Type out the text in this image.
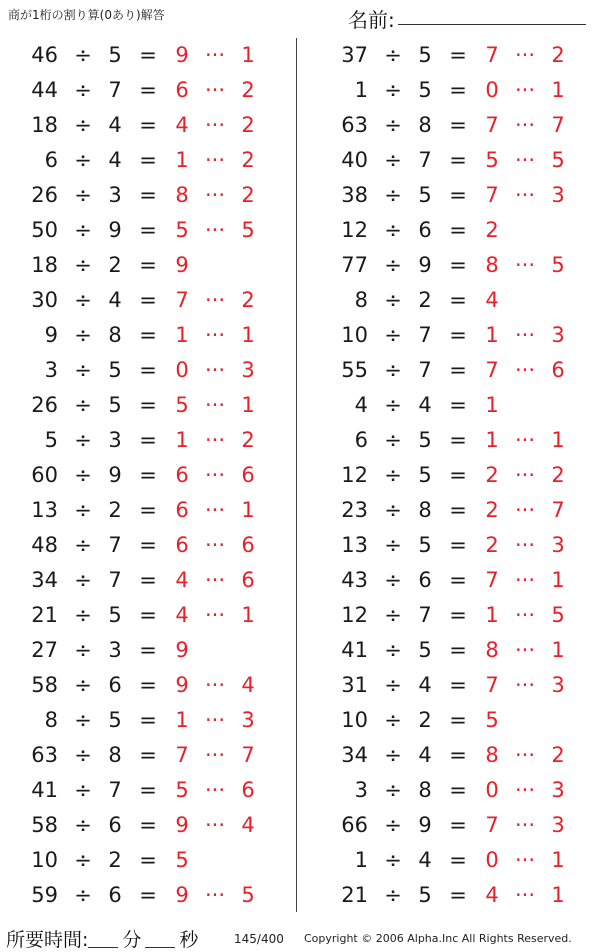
商が1桁の割り算(0あり)解答	名前:
46 ÷ 5 = 9 ··· 1
44 ÷ 7 = 6 ··· 2
18 ÷ 4 = 4 ··· 2
6 ÷ 4 = 1 ··· 2
26 ÷ 3 = 8 ··· 2
50 ÷ 9 = 5 ··· 5
18 ÷ 2 = 9
30 ÷ 4 = 7 ··· 2
9 ÷ 8 = 1 ··· 1
3 ÷ 5 = 0 ··· 3
26 ÷ 5 = 5 ··· 1
5 ÷ 3 = 1 ··· 2
60 ÷ 9 = 6 ··· 6
13 ÷ 2 = 6 ··· 1
48 ÷ 7 = 6 ··· 6
34 ÷ 7 = 4 ··· 6
21 ÷ 5 = 4 ··· 1
27 ÷ 3 = 9
58 ÷ 6 = 9 ··· 4
8 ÷ 5 = 1 ··· 3
63 ÷ 8 = 7 ··· 7
41 ÷ 7 = 5 ··· 6
58 ÷ 6 = 9 ··· 4
10 ÷ 2 = 5
59 ÷ 6 = 9 ··· 5
37 ÷ 5 = 7 ··· 2
1 ÷ 5 = 0 ··· 1
63 ÷ 8 = 7 ··· 7
40 ÷ 7 = 5 ··· 5
38 ÷ 5 = 7 ··· 3
12 ÷ 6 = 2
77 ÷ 9 = 8 ··· 5
8 ÷ 2 = 4
10 ÷ 7 = 1 ··· 3
55 ÷ 7 = 7 ··· 6
4 ÷ 4 = 1
6 ÷ 5 = 1 ··· 1
12 ÷ 5 = 2 ··· 2
23 ÷ 8 = 2 ··· 7
13 ÷ 5 = 2 ··· 3
43 ÷ 6 = 7 ··· 1
12 ÷ 7 = 1 ··· 5
41 ÷ 5 = 8 ··· 1
31 ÷ 4 = 7 ··· 3
10 ÷ 2 = 5
34 ÷ 4 = 8 ··· 2
3 ÷ 8 = 0 ··· 3
66 ÷ 9 = 7 ··· 3
1 ÷ 4 = 0 ··· 1
21 ÷ 5 = 4 ··· 1
所要時間: 分 秒	145/400 Copyright © 2006 Alpha.Inc All Rights Reserved.
